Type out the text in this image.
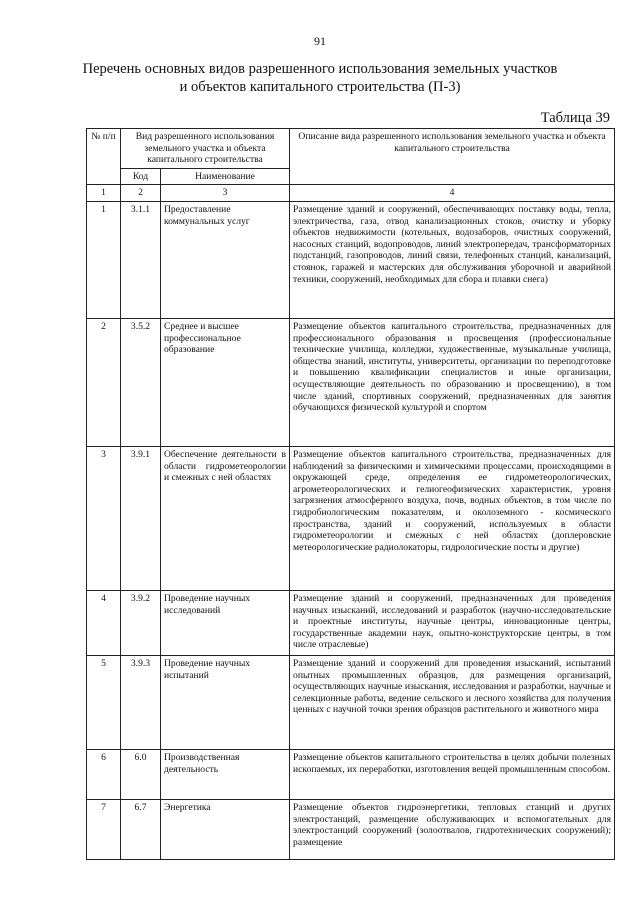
91
Перечень основных видов разрешенного использования земельных участков
и объектов капитального строительства (П-3)
Таблица 39
№ п/п	Вид разрешенного использования земельного участка и объекта капитального строительства		Описание вида разрешенного использования земельного участка и объекта капитального строительства
	Код	Наименование	
1	2	3	4
1	3.1.1	Предоставление коммунальных услуг	Размещение зданий и сооружений, обеспечивающих поставку воды, тепла, электричества, газа, отвод канализационных стоков, очистку и уборку объектов недвижимости (котельных, водозаборов, очистных сооружений, насосных станций, водопроводов, линий электропередач, трансформаторных подстанций, газопроводов, линий связи, телефонных станций, канализаций, стоянок, гаражей и мастерских для обслуживания уборочной и аварийной техники, сооружений, необходимых для сбора и плавки снега)
2	3.5.2	Среднее и высшее профессиональное образование	Размещение объектов капитального строительства, предназначенных для профессионального образования и просвещения (профессиональные технические училища, колледжи, художественные, музыкальные училища, общества знаний, институты, университеты, организации по переподготовке и повышению квалификации специалистов и иные организации, осуществляющие деятельность по образованию и просвещению), в том числе зданий, спортивных сооружений, предназначенных для занятия обучающихся физической культурой и спортом
3	3.9.1	Обеспечение деятельности в области гидрометеорологии и смежных с ней областях	Размещение объектов капитального строительства, предназначенных для наблюдений за физическими и химическими процессами, происходящими в окружающей среде, определения ее гидрометеорологических, агрометеорологических и гелиогеофизических характеристик, уровня загрязнения атмосферного воздуха, почв, водных объектов, в том числе по гидробиологическим показателям, и околоземного - космического пространства, зданий и сооружений, используемых в области гидрометеорологии и смежных с ней областях (доплеровские метеорологические радиолокаторы, гидрологические посты и другие)
4	3.9.2	Проведение научных исследований	Размещение зданий и сооружений, предназначенных для проведения научных изысканий, исследований и разработок (научно-исследовательские и проектные институты, научные центры, инновационные центры, государственные академии наук, опытно-конструкторские центры, в том числе отраслевые)
5	3.9.3	Проведение научных испытаний	Размещение зданий и сооружений для проведения изысканий, испытаний опытных промышленных образцов, для размещения организаций, осуществляющих научные изыскания, исследования и разработки, научные и селекционные работы, ведение сельского и лесного хозяйства для получения ценных с научной точки зрения образцов растительного и животного мира
6	6.0	Производственная деятельность	Размещение объектов капитального строительства в целях добычи полезных ископаемых, их переработки, изготовления вещей промышленным способом.
7	6.7	Энергетика	Размещение объектов гидроэнергетики, тепловых станций и других электростанций, размещение обслуживающих и вспомогательных для электростанций сооружений (золоотвалов, гидротехнических сооружений); размещение
